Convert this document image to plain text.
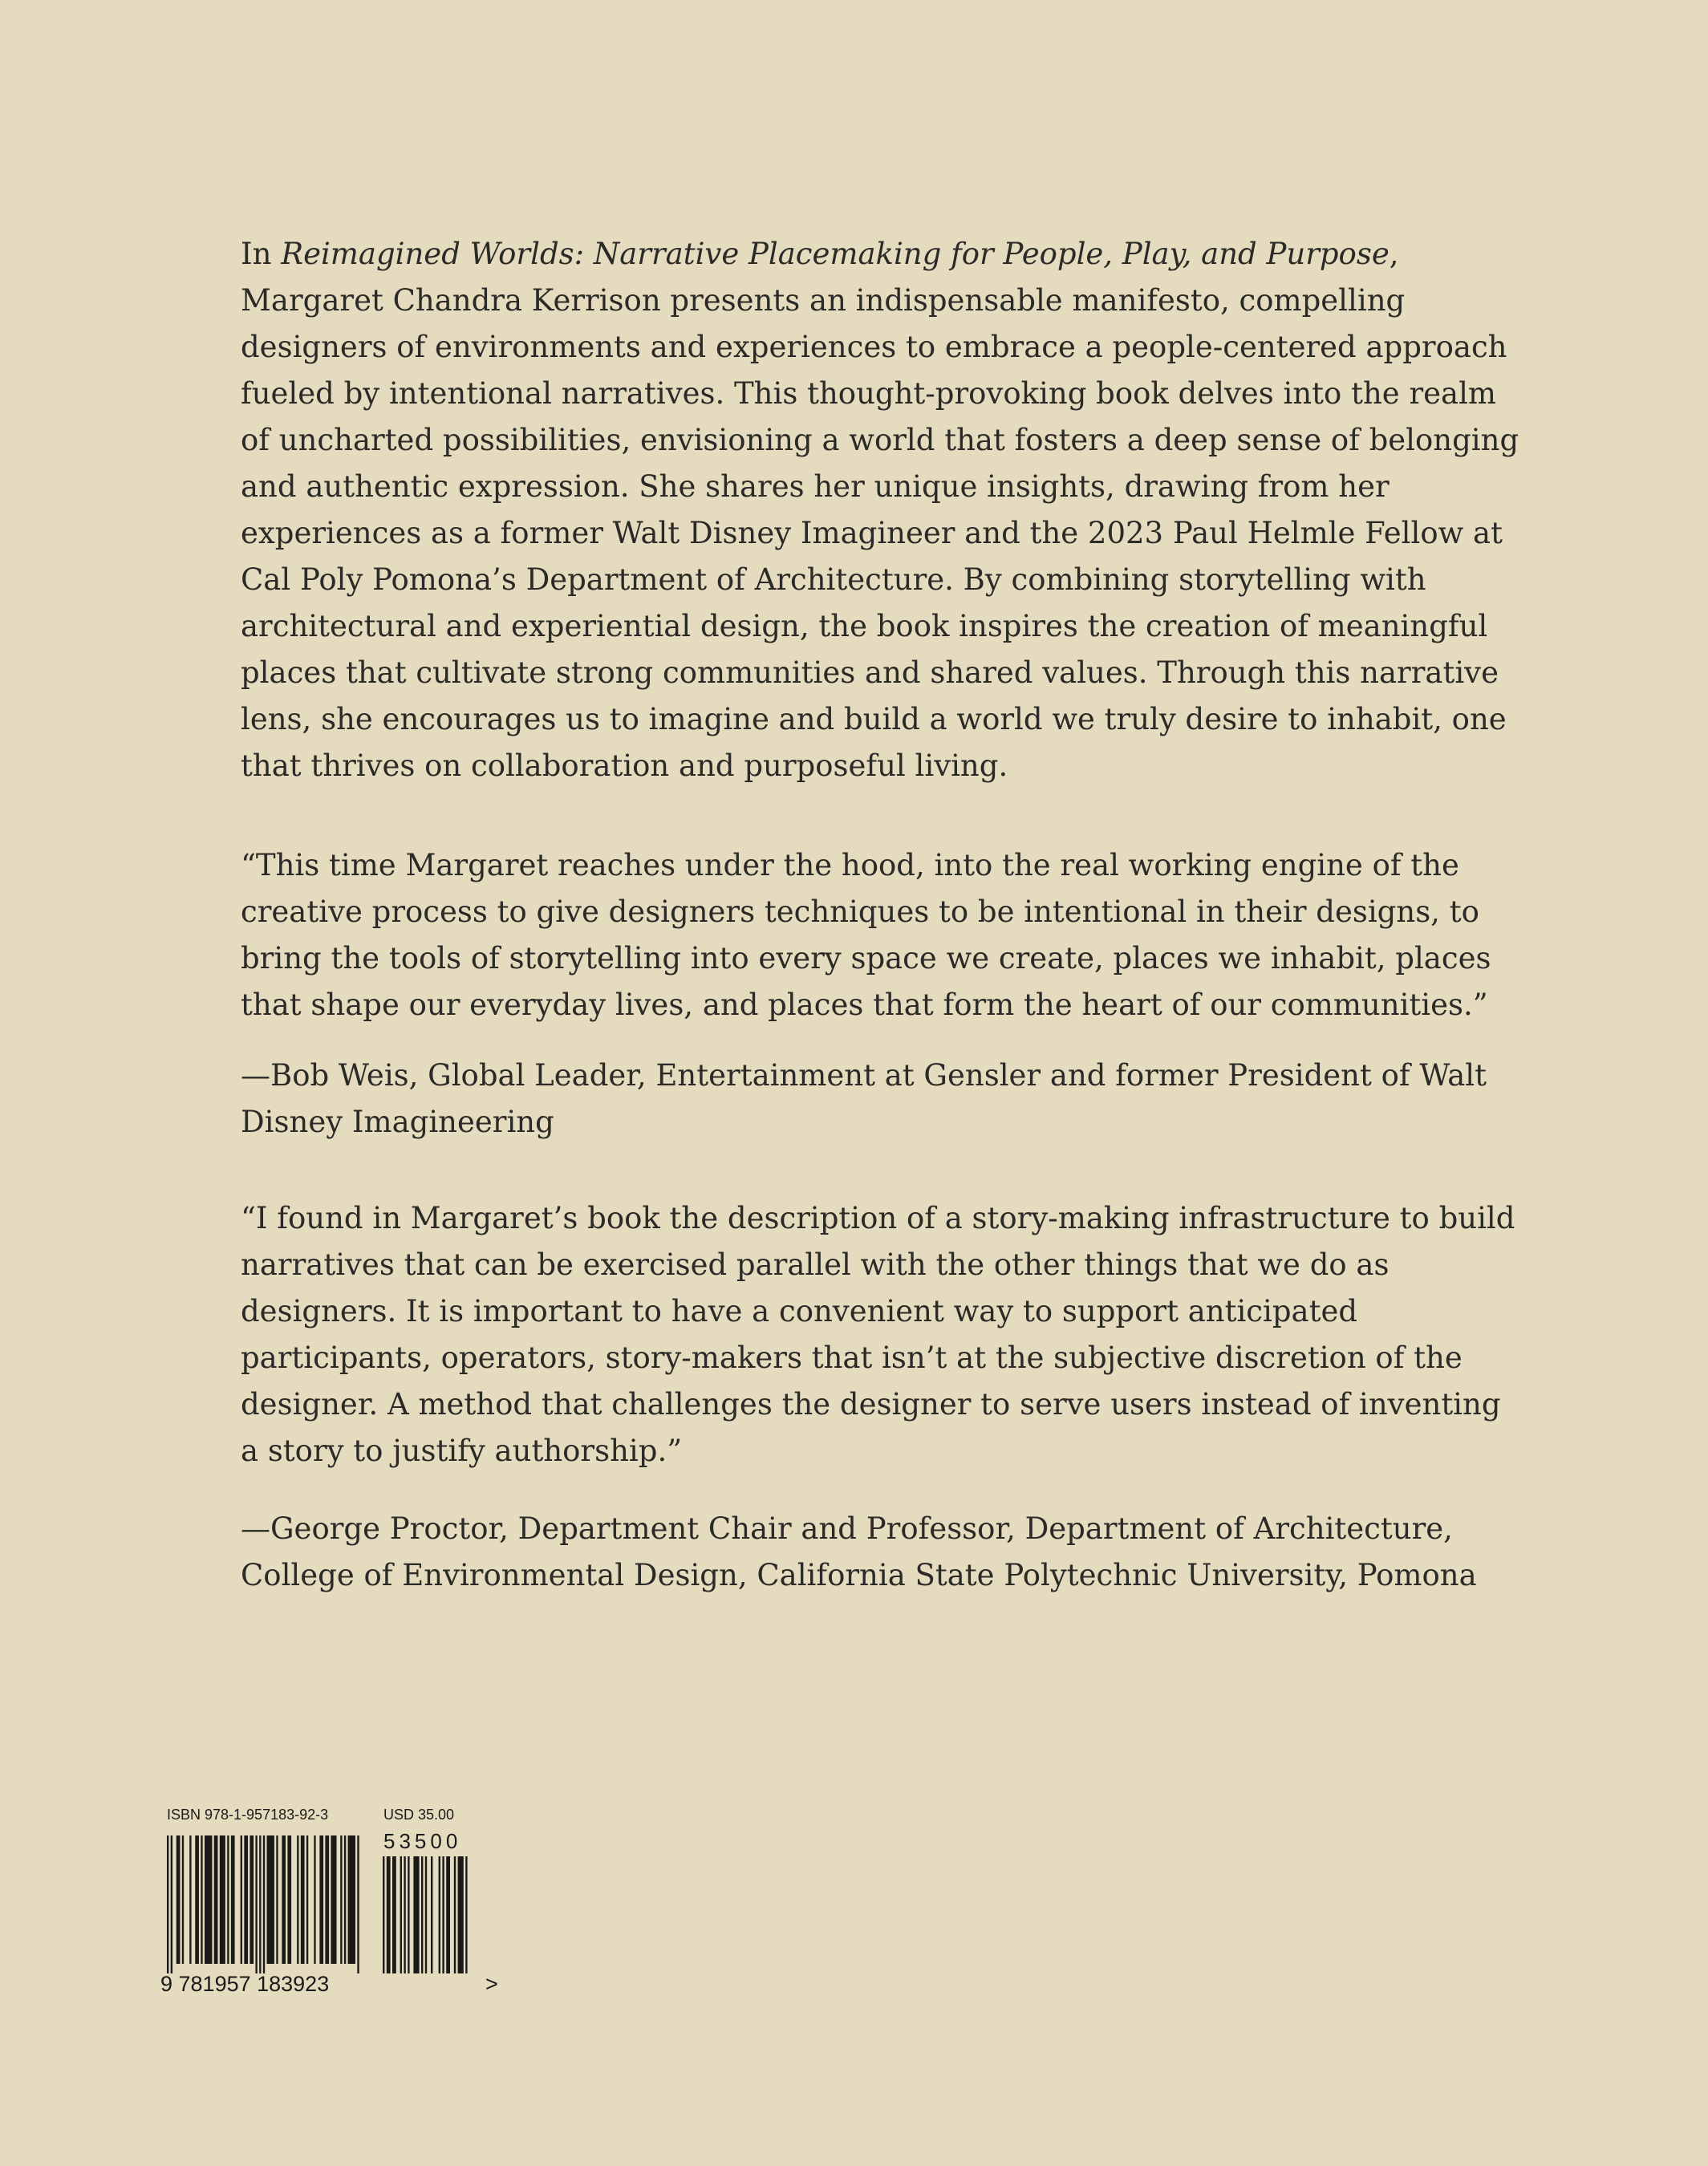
In Reimagined Worlds: Narrative Placemaking for People, Play, and Purpose, Margaret Chandra Kerrison presents an indispensable manifesto, compelling designers of environments and experiences to embrace a people-centered approach fueled by intentional narratives. This thought-provoking book delves into the realm of uncharted possibilities, envisioning a world that fosters a deep sense of belonging and authentic expression. She shares her unique insights, drawing from her experiences as a former Walt Disney Imagineer and the 2023 Paul Helmle Fellow at Cal Poly Pomona’s Department of Architecture. By combining storytelling with architectural and experiential design, the book inspires the creation of meaningful places that cultivate strong communities and shared values. Through this narrative lens, she encourages us to imagine and build a world we truly desire to inhabit, one that thrives on collaboration and purposeful living.

“This time Margaret reaches under the hood, into the real working engine of the creative process to give designers techniques to be intentional in their designs, to bring the tools of storytelling into every space we create, places we inhabit, places that shape our everyday lives, and places that form the heart of our communities.”

—Bob Weis, Global Leader, Entertainment at Gensler and former President of Walt Disney Imagineering

“I found in Margaret’s book the description of a story-making infrastructure to build narratives that can be exercised parallel with the other things that we do as designers. It is important to have a convenient way to support anticipated participants, operators, story-makers that isn’t at the subjective discretion of the designer. A method that challenges the designer to serve users instead of inventing a story to justify authorship.”

—George Proctor, Department Chair and Professor, Department of Architecture, College of Environmental Design, California State Polytechnic University, Pomona

ISBN 978-1-957183-92-3	USD 35.00
53500
9 781957 183923	>
